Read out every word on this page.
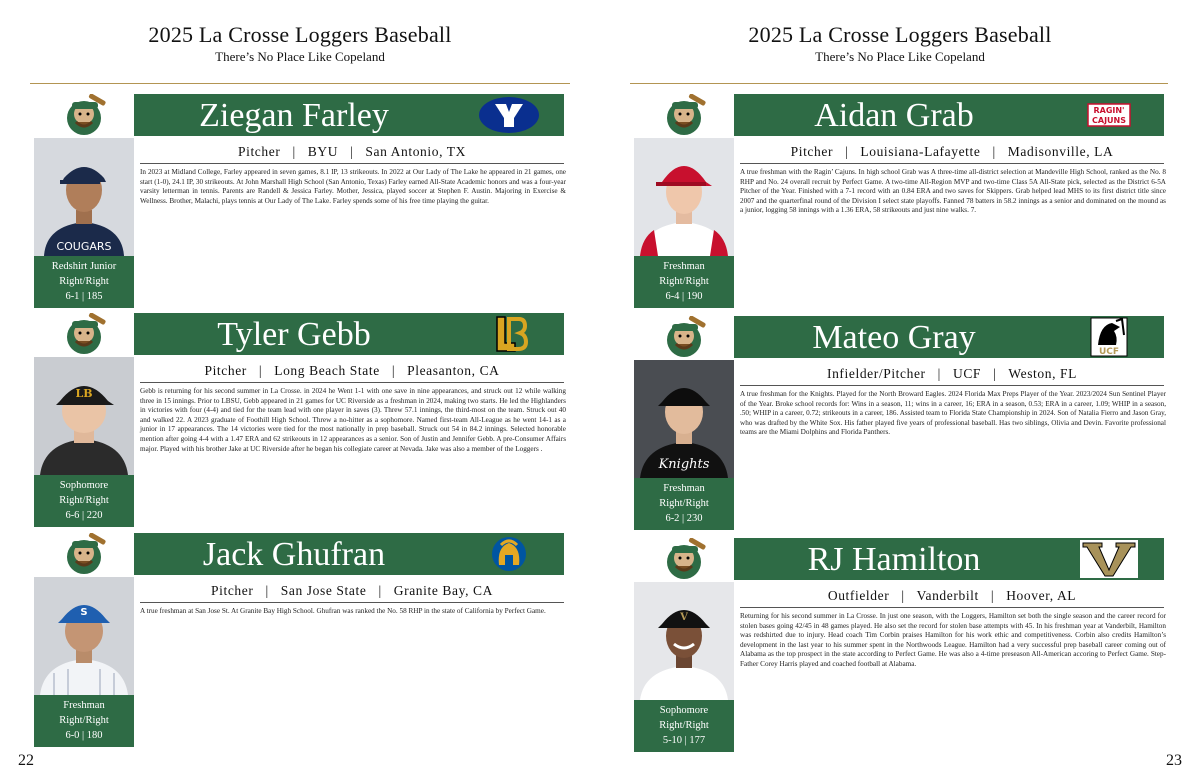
2025 La Crosse Loggers Baseball
There’s No Place Like Copeland
Ziegan Farley
COUGARS
Redshirt Junior
Right/Right
6-1 | 185
Pitcher | BYU | San Antonio, TX
In 2023 at Midland College, Farley appeared in seven games, 8.1 IP, 13 strikeouts. In 2022 at Our Lady of The Lake he appeared in 21 games, one start (1-0), 24.1 IP, 30 strikeouts. At John Marshall High School (San Antonio, Texas) Farley earned All-State Academic honors and was a four-year varsity letterman in tennis. Parents are Randell & Jessica Farley. Mother, Jessica, played soccer at Stephen F. Austin. Majoring in Exercise & Wellness. Brother, Malachi, plays tennis at Our Lady of The Lake. Farley spends some of his free time playing the guitar.
Tyler Gebb
LB
Sophomore
Right/Right
6-6 | 220
Pitcher | Long Beach State | Pleasanton, CA
Gebb is returning for his second summer in La Crosse. in 2024 he Went 1-1 with one save in nine appearances, and struck out 12 while walking three in 15 innings. Prior to LBSU, Gebb appeared in 21 games for UC Riverside as a freshman in 2024, making two starts. He led the Highlanders in victories with four (4-4) and tied for the team lead with one player in saves (3). Threw 57.1 innings, the third-most on the team. Struck out 40 and walked 22. A 2023 graduate of Foothill High School. Threw a no-hitter as a sophomore. Named first-team All-League as he went 14-1 as a junior in 17 appearances. The 14 victories were tied for the most nationally in prep baseball. Struck out 54 in 84.2 innings. Selected honorable mention after going 4-4 with a 1.47 ERA and 62 strikeouts in 12 appearances as a senior. Son of Justin and Jennifer Gebb. A pre-Consumer Affairs major. Played with his brother Jake at UC Riverside after he began his collegiate career at Nevada. Jake was also a member of the Loggers .
Jack Ghufran
S
Freshman
Right/Right
6-0 | 180
Pitcher | San Jose State | Granite Bay, CA
A true freshman at San Jose St. At Granite Bay High School. Ghufran was ranked the No. 58 RHP in the state of California by Perfect Game.
22
2025 La Crosse Loggers Baseball
There’s No Place Like Copeland
Aidan Grab	RAGIN'
CAJUNS
Freshman
Right/Right
6-4 | 190
Pitcher | Louisiana-Lafayette | Madisonville, LA
A true freshman with the Ragin’ Cajuns. In high school Grab was A three-time all-district selection at Mandeville High School, ranked as the No. 8 RHP and No. 24 overall recruit by Perfect Game. A two-time All-Region MVP and two-time Class 5A All-State pick, selected as the District 6-5A Pitcher of the Year. Finished with a 7-1 record with an 0.84 ERA and two saves for Skippers. Grab helped lead MHS to its first district title since 2007 and the quarterfinal round of the Division I select state playoffs. Fanned 78 batters in 58.2 innings as a senior and dominated on the mound as a junior, logging 58 innings with a 1.36 ERA, 58 strikeouts and just nine walks. 7.
Mateo Gray	UCF
Knights
Freshman
Right/Right
6-2 | 230
Infielder/Pitcher | UCF | Weston, FL
A true freshman for the Knights. Played for the North Broward Eagles. 2024 Florida Max Preps Player of the Year. 2023/2024 Sun Sentinel Player of the Year. Broke school records for: Wins in a season, 11; wins in a career, 16; ERA in a season, 0.53; ERA in a career, 1.09; WHIP in a season, .50; WHIP in a career, 0.72; strikeouts in a career, 186. Assisted team to Florida State Championship in 2024. Son of Natalia Fierro and Jason Gray, who was drafted by the White Sox. His father played five years of professional baseball. Has two siblings, Olivia and Devin. Favorite professional teams are the Miami Dolphins and Florida Panthers.
RJ Hamilton
V
Sophomore
Right/Right
5-10 | 177
Outfielder | Vanderbilt | Hoover, AL
Returning for his second summer in La Crosse. In just one season, with the Loggers, Hamilton set both the single season and the career record for stolen bases going 42/45 in 48 games played. He also set the record for stolen base attempts with 45. In his freshman year at Vanderbilt, Hamilton was redshirted due to injury. Head coach Tim Corbin praises Hamilton for his work ethic and competitiveness. Corbin also credits Hamilton’s development in the last year to his summer spent in the Northwoods League. Hamilton had a very successful prep baseball career coming out of Alabama as the top prospect in the state according to Perfect Game. He was also a 4-time preseason All-American accoring to Perfect Game. Step-Father Corey Harris played and coached football at Alabama.
23
